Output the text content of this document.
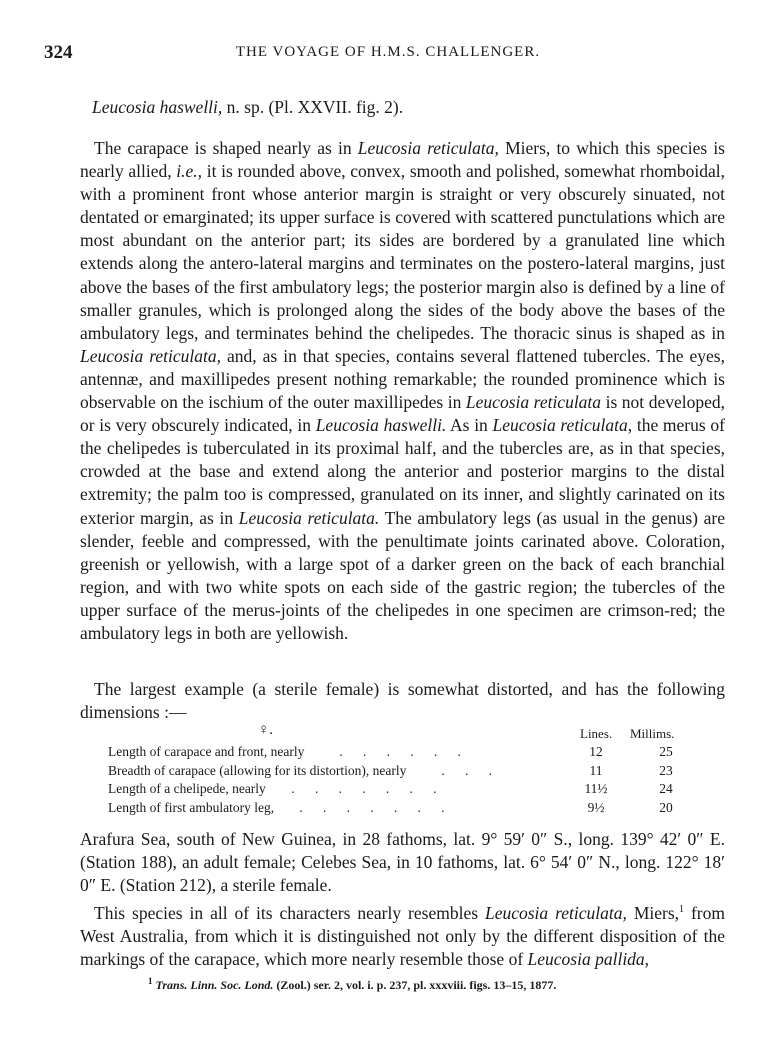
324	THE VOYAGE OF H.M.S. CHALLENGER.
Leucosia haswelli, n. sp. (Pl. XXVII. fig. 2).
The carapace is shaped nearly as in Leucosia reticulata, Miers, to which this species is nearly allied, i.e., it is rounded above, convex, smooth and polished, somewhat rhomboidal, with a prominent front whose anterior margin is straight or very obscurely sinuated, not dentated or emarginated; its upper surface is covered with scattered punctulations which are most abundant on the anterior part; its sides are bordered by a granulated line which extends along the antero-lateral margins and terminates on the postero-lateral margins, just above the bases of the first ambulatory legs; the posterior margin also is defined by a line of smaller granules, which is prolonged along the sides of the body above the bases of the ambulatory legs, and terminates behind the chelipedes. The thoracic sinus is shaped as in Leucosia reticulata, and, as in that species, contains several flattened tubercles. The eyes, antennæ, and maxillipedes present nothing remarkable; the rounded prominence which is observable on the ischium of the outer maxillipedes in Leucosia reticulata is not developed, or is very obscurely indicated, in Leucosia haswelli. As in Leucosia reticulata, the merus of the chelipedes is tuberculated in its proximal half, and the tubercles are, as in that species, crowded at the base and extend along the anterior and posterior margins to the distal extremity; the palm too is compressed, granulated on its inner, and slightly carinated on its exterior margin, as in Leucosia reticulata. The ambulatory legs (as usual in the genus) are slender, feeble and compressed, with the penultimate joints carinated above. Coloration, greenish or yellowish, with a large spot of a darker green on the back of each branchial region, and with two white spots on each side of the gastric region; the tubercles of the upper surface of the merus-joints of the chelipedes in one specimen are crimson-red; the ambulatory legs in both are yellowish.
The largest example (a sterile female) is somewhat distorted, and has the following dimensions :—
♀.	Lines. Millims.
Length of carapace and front, nearly .      .      .      .      .      .	12	25
Breadth of carapace (allowing for its distortion), nearly .      .      .	11	23
Length of a chelipede, nearly .      .      .      .      .      .      .	11½	24
Length of first ambulatory leg, .      .      .      .      .      .      .	9½	20
Arafura Sea, south of New Guinea, in 28 fathoms, lat. 9° 59′ 0″ S., long. 139° 42′ 0″ E. (Station 188), an adult female; Celebes Sea, in 10 fathoms, lat. 6° 54′ 0″ N., long. 122° 18′ 0″ E. (Station 212), a sterile female.
This species in all of its characters nearly resembles Leucosia reticulata, Miers,$^1$ from West Australia, from which it is distinguished not only by the different disposition of the markings of the carapace, which more nearly resemble those of Leucosia pallida,
$^1$ Trans. Linn. Soc. Lond. (Zool.) ser. 2, vol. i. p. 237, pl. xxxviii. figs. 13–15, 1877.
